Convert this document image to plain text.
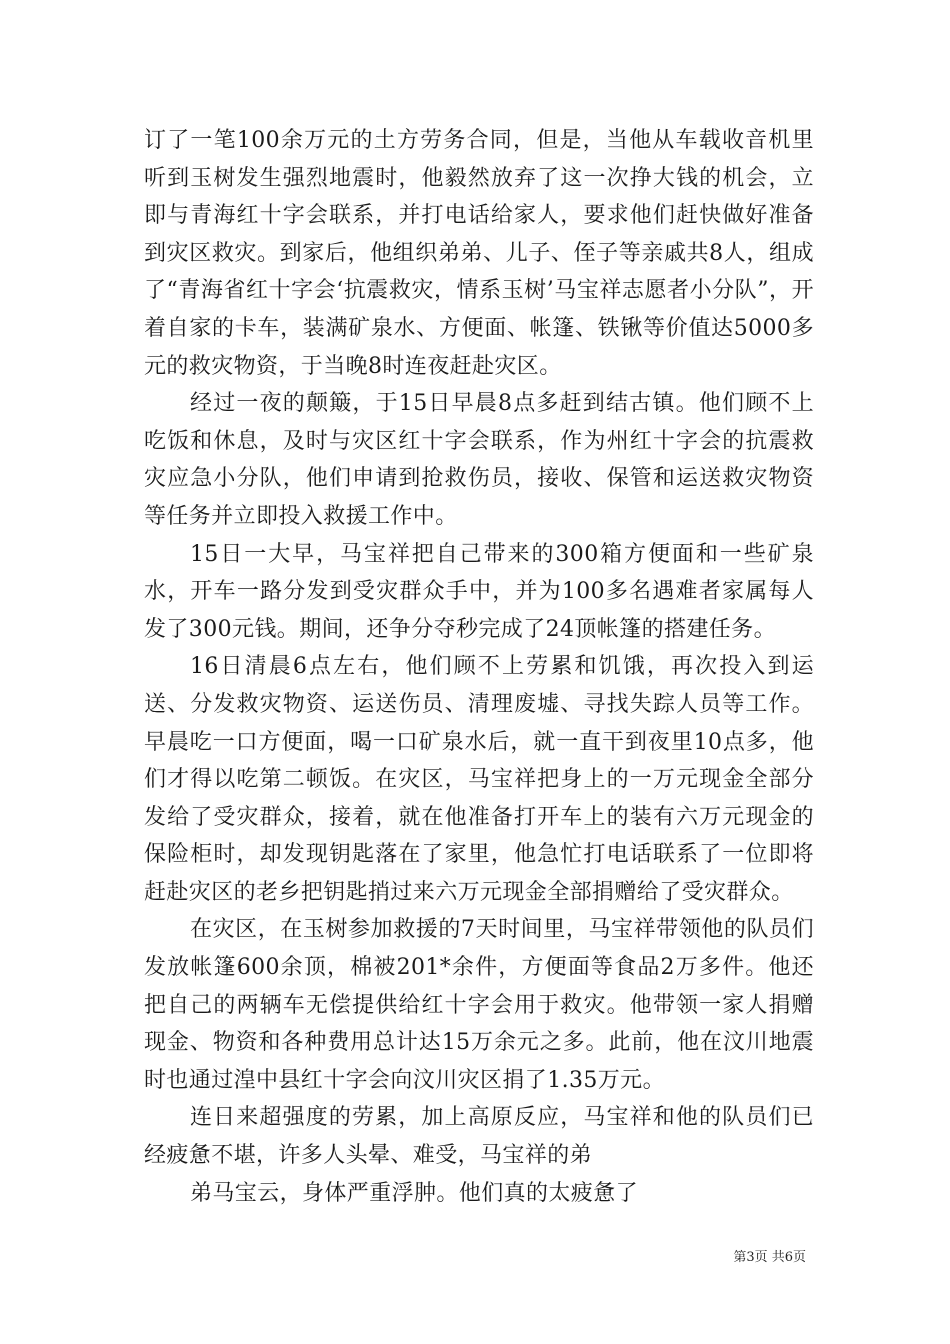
订了一笔100余万元的土方劳务合同，但是，当他从车载收音机里听到玉树发生强烈地震时，他毅然放弃了这一次挣大钱的机会，立即与青海红十字会联系，并打电话给家人，要求他们赶快做好准备到灾区救灾。到家后，他组织弟弟、儿子、侄子等亲戚共8人，组成了“青海省红十字会‘抗震救灾，情系玉树’马宝祥志愿者小分队”，开着自家的卡车，装满矿泉水、方便面、帐篷、铁锹等价值达5000多元的救灾物资，于当晚8时连夜赶赴灾区。

经过一夜的颠簸，于15日早晨8点多赶到结古镇。他们顾不上吃饭和休息，及时与灾区红十字会联系，作为州红十字会的抗震救灾应急小分队，他们申请到抢救伤员，接收、保管和运送救灾物资等任务并立即投入救援工作中。

15日一大早，马宝祥把自己带来的300箱方便面和一些矿泉水，开车一路分发到受灾群众手中，并为100多名遇难者家属每人发了300元钱。期间，还争分夺秒完成了24顶帐篷的搭建任务。

16日清晨6点左右，他们顾不上劳累和饥饿，再次投入到运送、分发救灾物资、运送伤员、清理废墟、寻找失踪人员等工作。早晨吃一口方便面，喝一口矿泉水后，就一直干到夜里10点多，他们才得以吃第二顿饭。在灾区，马宝祥把身上的一万元现金全部分发给了受灾群众，接着，就在他准备打开车上的装有六万元现金的保险柜时，却发现钥匙落在了家里，他急忙打电话联系了一位即将赶赴灾区的老乡把钥匙捎过来六万元现金全部捐赠给了受灾群众。

在灾区，在玉树参加救援的7天时间里，马宝祥带领他的队员们发放帐篷600余顶，棉被201*余件，方便面等食品2万多件。他还把自己的两辆车无偿提供给红十字会用于救灾。他带领一家人捐赠现金、物资和各种费用总计达15万余元之多。此前，他在汶川地震时也通过湟中县红十字会向汶川灾区捐了1.35万元。

连日来超强度的劳累，加上高原反应，马宝祥和他的队员们已经疲惫不堪，许多人头晕、难受，马宝祥的弟

弟马宝云，身体严重浮肿。他们真的太疲惫了

第3页 共6页
